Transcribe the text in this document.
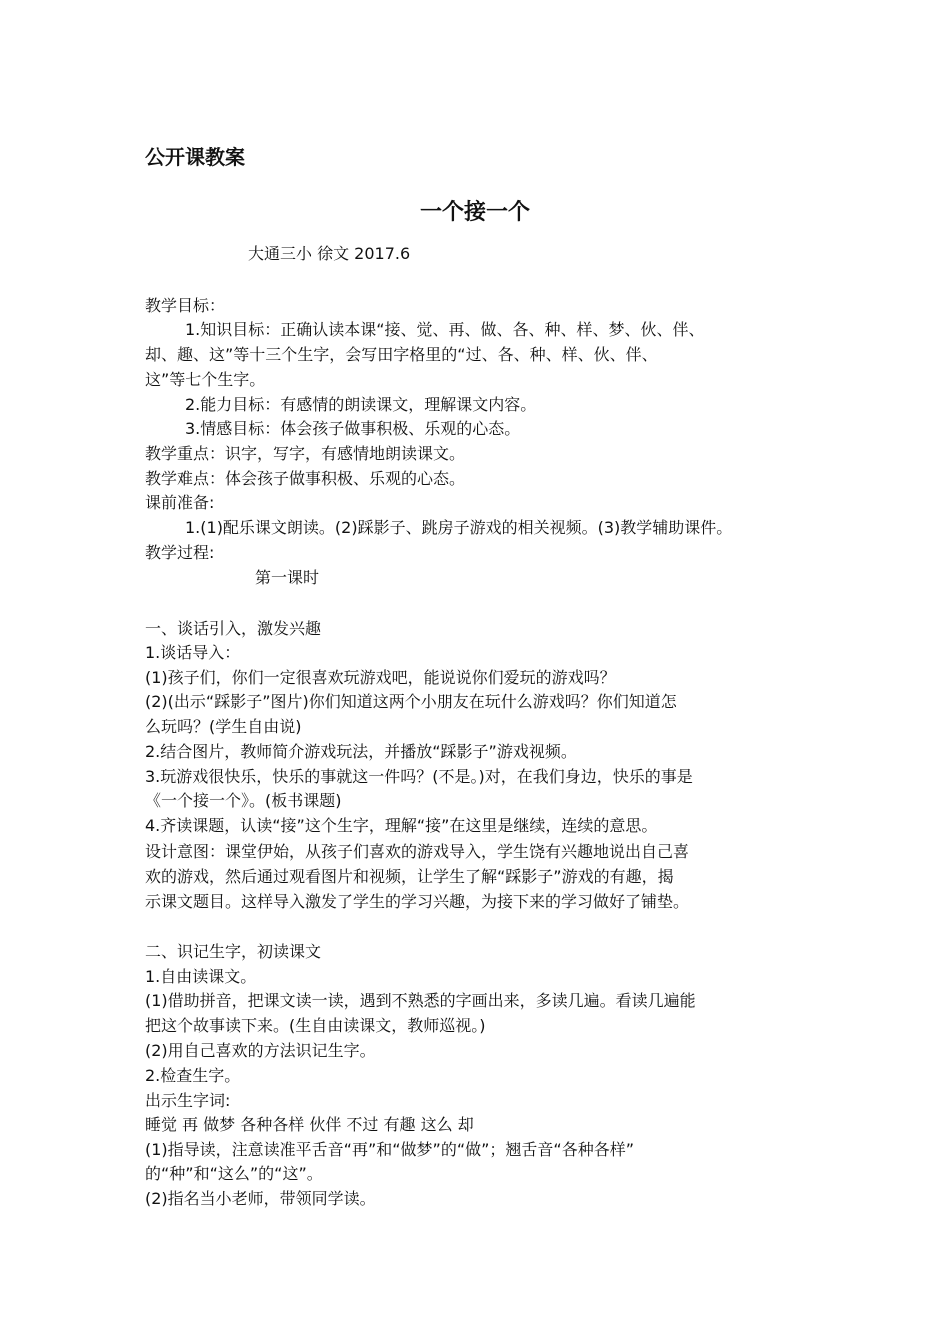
公开课教案
一个接一个
大通三小 徐文 2017.6
教学目标：
1.知识目标：正确认读本课“接、觉、再、做、各、种、样、梦、伙、伴、
却、趣、这”等十三个生字，会写田字格里的“过、各、种、样、伙、伴、
这”等七个生字。
2.能力目标：有感情的朗读课文，理解课文内容。
3.情感目标：体会孩子做事积极、乐观的心态。
教学重点：识字，写字，有感情地朗读课文。
教学难点：体会孩子做事积极、乐观的心态。
课前准备:
1.(1)配乐课文朗读。(2)踩影子、跳房子游戏的相关视频。(3)教学辅助课件。
教学过程:
第一课时
一、谈话引入，激发兴趣
1.谈话导入：
(1)孩子们，你们一定很喜欢玩游戏吧，能说说你们爱玩的游戏吗？
(2)(出示“踩影子”图片)你们知道这两个小朋友在玩什么游戏吗？你们知道怎
么玩吗？(学生自由说)
2.结合图片，教师简介游戏玩法，并播放“踩影子”游戏视频。
3.玩游戏很快乐，快乐的事就这一件吗？(不是。)对，在我们身边，快乐的事是
《一个接一个》。(板书课题)
4.齐读课题，认读“接”这个生字，理解“接”在这里是继续，连续的意思。
设计意图：课堂伊始，从孩子们喜欢的游戏导入，学生饶有兴趣地说出自己喜
欢的游戏，然后通过观看图片和视频，让学生了解“踩影子”游戏的有趣，揭
示课文题目。这样导入激发了学生的学习兴趣，为接下来的学习做好了铺垫。
二、识记生字，初读课文
1.自由读课文。
(1)借助拼音，把课文读一读，遇到不熟悉的字画出来，多读几遍。看读几遍能
把这个故事读下来。(生自由读课文，教师巡视。)
(2)用自己喜欢的方法识记生字。
2.检查生字。
出示生字词:
睡觉 再 做梦 各种各样 伙伴 不过 有趣 这么 却
(1)指导读，注意读准平舌音“再”和“做梦”的“做”；翘舌音“各种各样”
的“种”和“这么”的“这”。
(2)指名当小老师，带领同学读。
